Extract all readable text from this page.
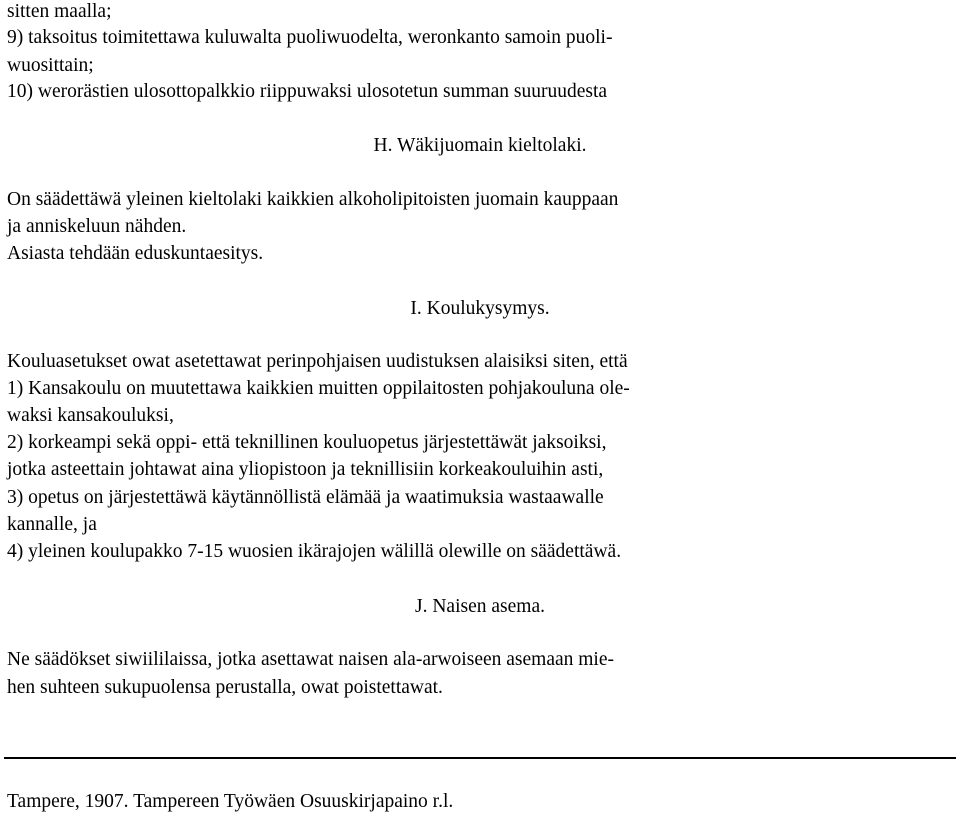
sitten maalla;
9) taksoitus toimitettawa kuluwalta puoliwuodelta, weronkanto samoin puoli-
wuosittain;
10) werorästien ulosottopalkkio riippuwaksi ulosotetun summan suuruudesta
H. Wäkijuomain kieltolaki.
On säädettäwä yleinen kieltolaki kaikkien alkoholipitoisten juomain kauppaan
ja anniskeluun nähden.
Asiasta tehdään eduskuntaesitys.
I. Koulukysymys.
Kouluasetukset owat asetettawat perinpohjaisen uudistuksen alaisiksi siten, että
1) Kansakoulu on muutettawa kaikkien muitten oppilaitosten pohjakouluna ole-
waksi kansakouluksi,
2) korkeampi sekä oppi- että teknillinen kouluopetus järjestettäwät jaksoiksi,
jotka asteettain johtawat aina yliopistoon ja teknillisiin korkeakouluihin asti,
3) opetus on järjestettäwä käytännöllistä elämää ja waatimuksia wastaawalle
kannalle, ja
4) yleinen koulupakko 7-15 wuosien ikärajojen wälillä olewille on säädettäwä.
J. Naisen asema.
Ne säädökset siwiililaissa, jotka asettawat naisen ala-arwoiseen asemaan mie-
hen suhteen sukupuolensa perustalla, owat poistettawat.
Tampere, 1907. Tampereen Työwäen Osuuskirjapaino r.l.
